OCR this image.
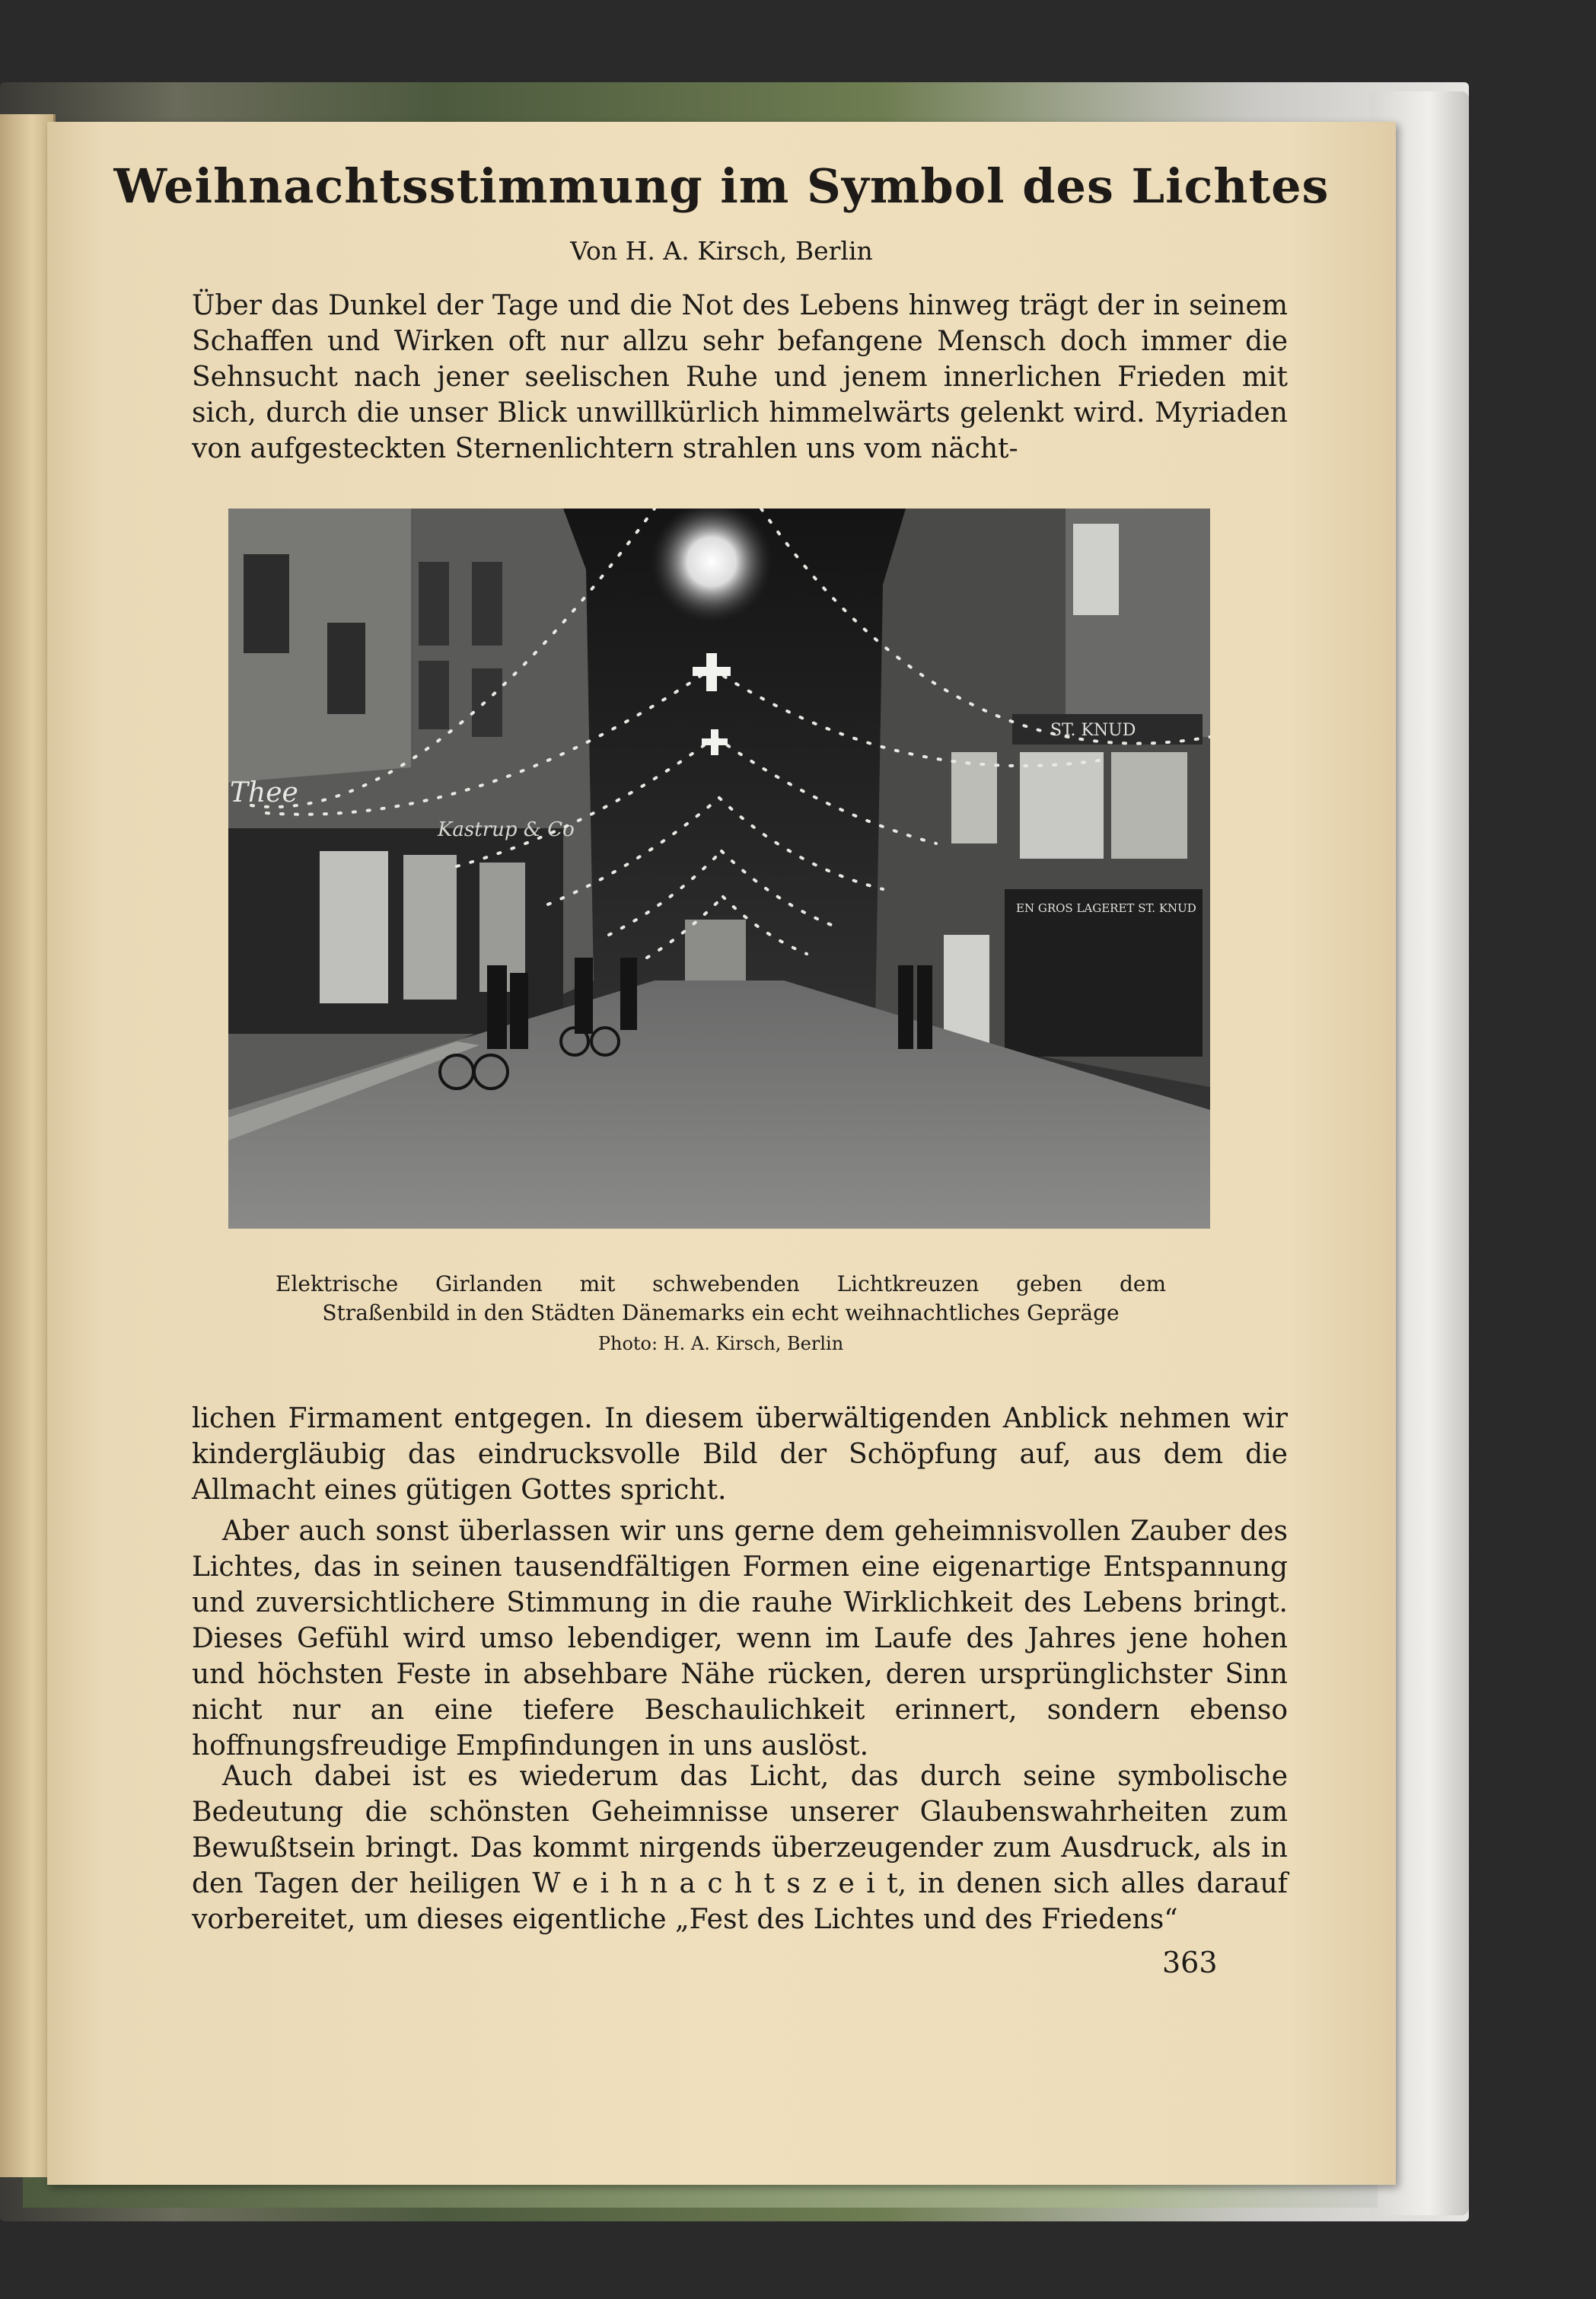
Weihnachtsstimmung im Symbol des Lichtes
Von H. A. Kirsch, Berlin
Über das Dunkel der Tage und die Not des Lebens hinweg trägt der in seinem Schaffen und Wirken oft nur allzu sehr befangene Mensch doch immer die Sehnsucht nach jener seelischen Ruhe und jenem innerlichen Frieden mit sich, durch die unser Blick unwillkürlich himmelwärts gelenkt wird. Myriaden von aufgesteckten Sternenlichtern strahlen uns vom nächt-
Kastrup & Co
Thee
ST. KNUD
EN GROS LAGERET ST. KNUD
Elektrische Girlanden mit schwebenden Lichtkreuzen geben dem
Straßenbild in den Städten Dänemarks ein echt weihnachtliches Gepräge
Photo: H. A. Kirsch, Berlin
lichen Firmament entgegen. In diesem überwältigenden Anblick nehmen wir kindergläubig das eindrucksvolle Bild der Schöpfung auf, aus dem die Allmacht eines gütigen Gottes spricht.
Aber auch sonst überlassen wir uns gerne dem geheimnisvollen Zauber des Lichtes, das in seinen tausendfältigen Formen eine eigenartige Entspannung und zuversichtlichere Stimmung in die rauhe Wirklichkeit des Lebens bringt. Dieses Gefühl wird umso lebendiger, wenn im Laufe des Jahres jene hohen und höchsten Feste in absehbare Nähe rücken, deren ursprünglichster Sinn nicht nur an eine tiefere Beschaulichkeit erinnert, sondern ebenso hoffnungsfreudige Empfindungen in uns auslöst.
Auch dabei ist es wiederum das Licht, das durch seine symbolische Bedeutung die schönsten Geheimnisse unserer Glaubenswahrheiten zum Bewußtsein bringt. Das kommt nirgends überzeugender zum Ausdruck, als in den Tagen der heiligen W e i h n a c h t s z e i t, in denen sich alles darauf vorbereitet, um dieses eigentliche „Fest des Lichtes und des Friedens“
363
